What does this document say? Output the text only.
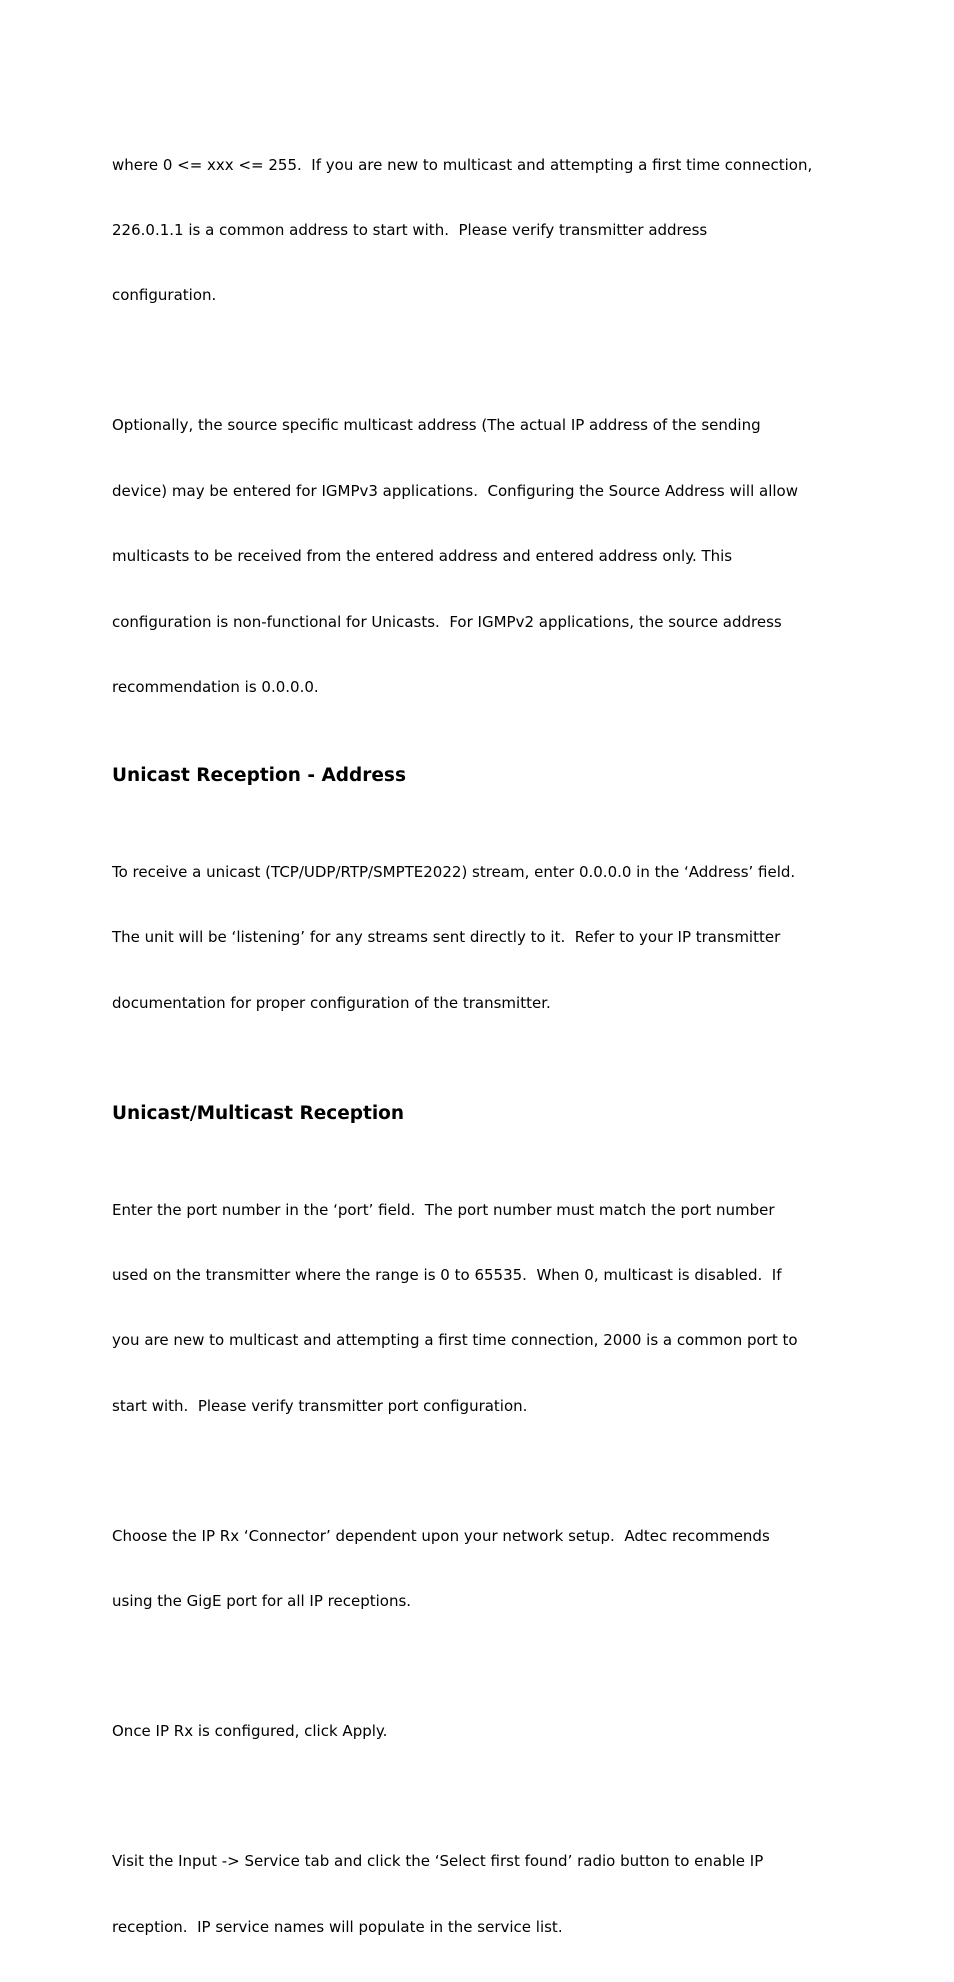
where 0 <= xxx <= 255.  If you are new to multicast and attempting a first time connection,

226.0.1.1 is a common address to start with.  Please verify transmitter address

configuration.

Optionally, the source specific multicast address (The actual IP address of the sending

device) may be entered for IGMPv3 applications.  Configuring the Source Address will allow

multicasts to be received from the entered address and entered address only. This

configuration is non-functional for Unicasts.  For IGMPv2 applications, the source address

recommendation is 0.0.0.0.

Unicast Reception - Address

To receive a unicast (TCP/UDP/RTP/SMPTE2022) stream, enter 0.0.0.0 in the ‘Address’ field.

The unit will be ‘listening’ for any streams sent directly to it.  Refer to your IP transmitter

documentation for proper configuration of the transmitter.

Unicast/Multicast Reception

Enter the port number in the ‘port’ field.  The port number must match the port number

used on the transmitter where the range is 0 to 65535.  When 0, multicast is disabled.  If

you are new to multicast and attempting a first time connection, 2000 is a common port to

start with.  Please verify transmitter port configuration.

Choose the IP Rx ‘Connector’ dependent upon your network setup.  Adtec recommends

using the GigE port for all IP receptions.

Once IP Rx is configured, click Apply.

Visit the Input -> Service tab and click the ‘Select first found’ radio button to enable IP

reception.  IP service names will populate in the service list.
